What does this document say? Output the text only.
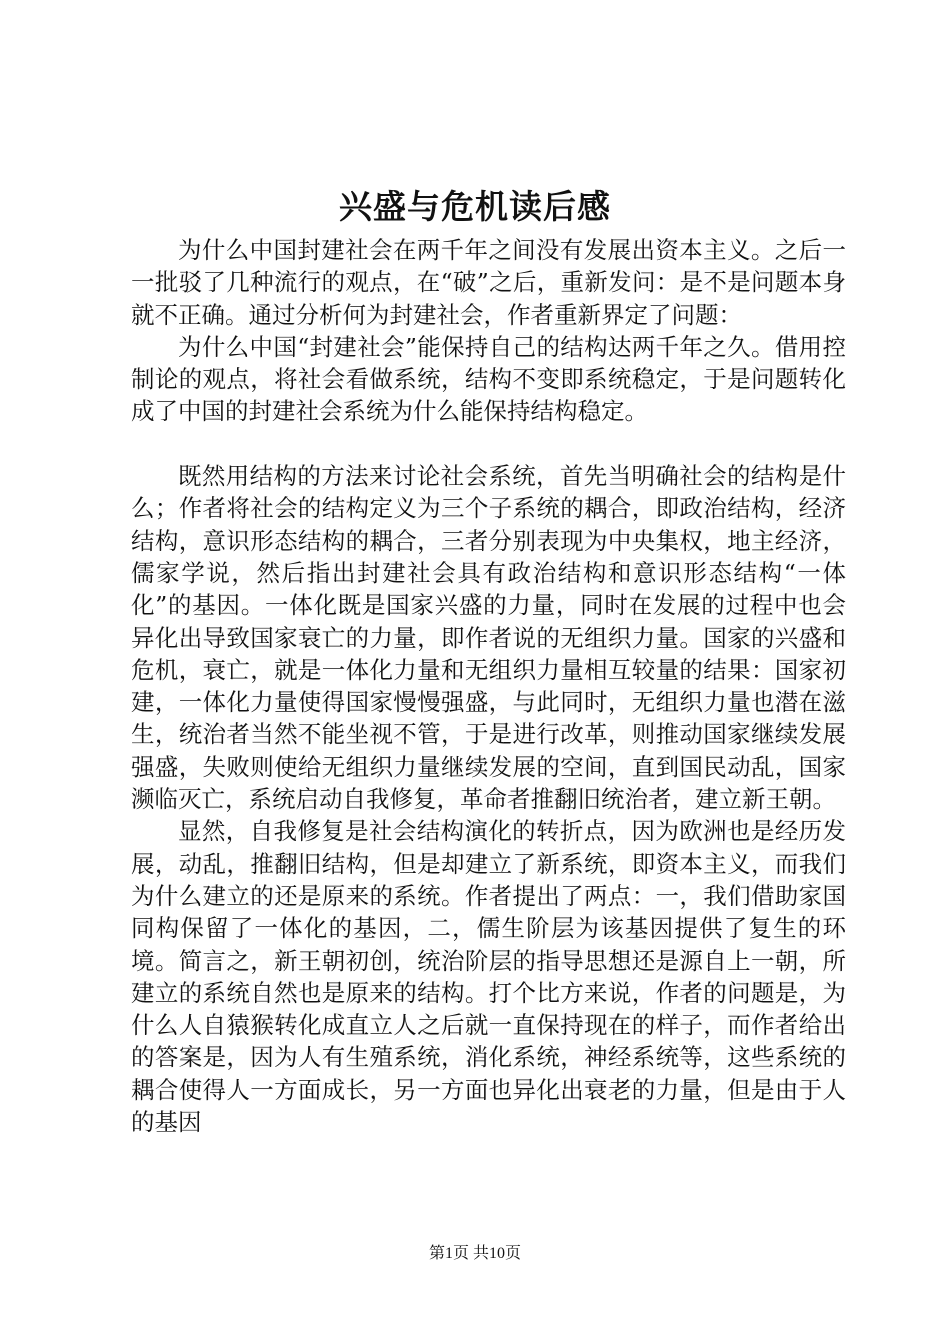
兴盛与危机读后感

为什么中国封建社会在两千年之间没有发展出资本主义。之后一一批驳了几种流行的观点，在“破”之后，重新发问：是不是问题本身就不正确。通过分析何为封建社会，作者重新界定了问题：

为什么中国“封建社会”能保持自己的结构达两千年之久。借用控制论的观点，将社会看做系统，结构不变即系统稳定，于是问题转化成了中国的封建社会系统为什么能保持结构稳定。

既然用结构的方法来讨论社会系统，首先当明确社会的结构是什么；作者将社会的结构定义为三个子系统的耦合，即政治结构，经济结构，意识形态结构的耦合，三者分别表现为中央集权，地主经济，儒家学说，然后指出封建社会具有政治结构和意识形态结构“一体化”的基因。一体化既是国家兴盛的力量，同时在发展的过程中也会异化出导致国家衰亡的力量，即作者说的无组织力量。国家的兴盛和危机，衰亡，就是一体化力量和无组织力量相互较量的结果：国家初建，一体化力量使得国家慢慢强盛，与此同时，无组织力量也潜在滋生，统治者当然不能坐视不管，于是进行改革，则推动国家继续发展强盛，失败则使给无组织力量继续发展的空间，直到国民动乱，国家濒临灭亡，系统启动自我修复，革命者推翻旧统治者，建立新王朝。

显然，自我修复是社会结构演化的转折点，因为欧洲也是经历发展，动乱，推翻旧结构，但是却建立了新系统，即资本主义，而我们为什么建立的还是原来的系统。作者提出了两点：一，我们借助家国同构保留了一体化的基因，二，儒生阶层为该基因提供了复生的环境。简言之，新王朝初创，统治阶层的指导思想还是源自上一朝，所建立的系统自然也是原来的结构。打个比方来说，作者的问题是，为什么人自猿猴转化成直立人之后就一直保持现在的样子，而作者给出的答案是，因为人有生殖系统，消化系统，神经系统等，这些系统的耦合使得人一方面成长，另一方面也异化出衰老的力量，但是由于人的基因

第1页 共10页
